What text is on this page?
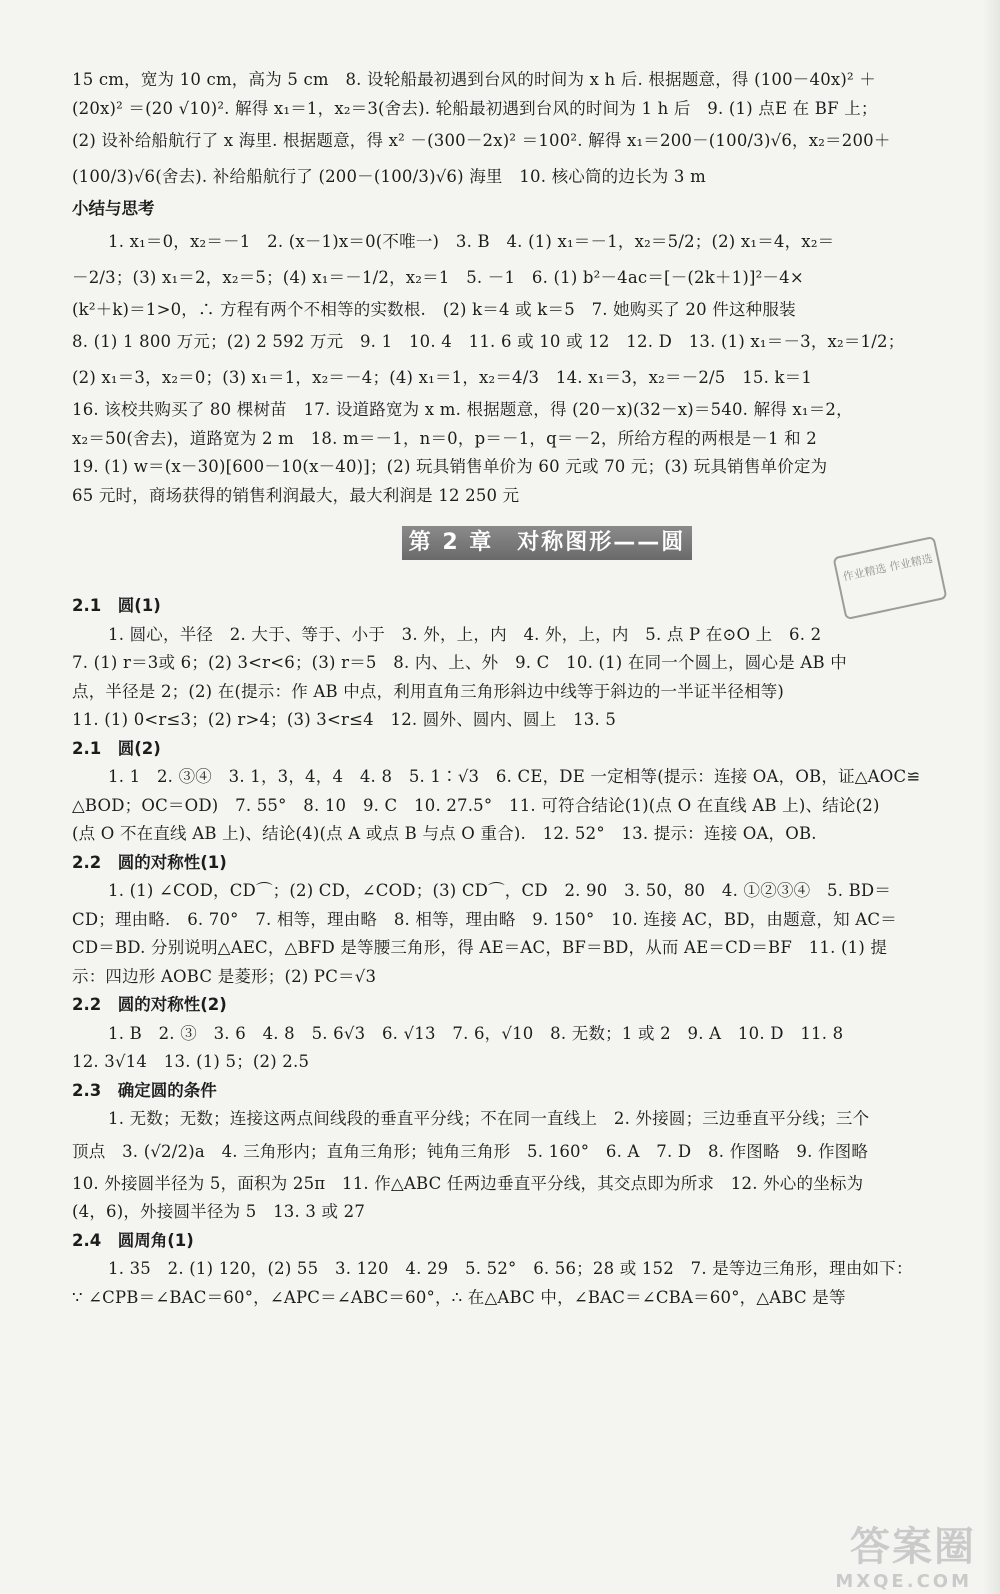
15 cm，宽为 10 cm，高为 5 cm　8. 设轮船最初遇到台风的时间为 x h 后. 根据题意，得 (100－40x)² ＋
(20x)² ＝(20 √10)². 解得 x₁＝1，x₂＝3(舍去). 轮船最初遇到台风的时间为 1 h 后　9. (1) 点E 在 BF 上；
(2) 设补给船航行了 x 海里. 根据题意，得 x² －(300－2x)² ＝100². 解得 x₁＝200－(100/3)√6，x₂＝200＋
(100/3)√6(舍去). 补给船航行了 (200－(100/3)√6) 海里　10. 核心筒的边长为 3 m
小结与思考
1. x₁＝0，x₂＝－1　2. (x－1)x＝0(不唯一)　3. B　4. (1) x₁＝－1，x₂＝5/2；(2) x₁＝4，x₂＝
－2/3；(3) x₁＝2，x₂＝5；(4) x₁＝－1/2，x₂＝1　5. －1　6. (1) b²－4ac＝[－(2k＋1)]²－4×
(k²＋k)＝1>0，∴ 方程有两个不相等的实数根.　(2) k＝4 或 k＝5　7. 她购买了 20 件这种服装
8. (1) 1 800 万元；(2) 2 592 万元　9. 1　10. 4　11. 6 或 10 或 12　12. D　13. (1) x₁＝－3，x₂＝1/2；
(2) x₁＝3，x₂＝0；(3) x₁＝1，x₂＝－4；(4) x₁＝1，x₂＝4/3　14. x₁＝3，x₂＝－2/5　15. k＝1
16. 该校共购买了 80 棵树苗　17. 设道路宽为 x m. 根据题意，得 (20－x)(32－x)＝540. 解得 x₁＝2，
x₂＝50(舍去)，道路宽为 2 m　18. m＝－1，n＝0，p＝－1，q＝－2，所给方程的两根是－1 和 2
19. (1) w＝(x－30)[600－10(x－40)]；(2) 玩具销售单价为 60 元或 70 元；(3) 玩具销售单价定为
65 元时，商场获得的销售利润最大，最大利润是 12 250 元
第 2 章　对称图形——圆
2.1　圆(1)
1. 圆心，半径　2. 大于、等于、小于　3. 外，上，内　4. 外，上，内　5. 点 P 在⊙O 上　6. 2
7. (1) r＝3或 6；(2) 3<r<6；(3) r＝5　8. 内、上、外　9. C　10. (1) 在同一个圆上，圆心是 AB 中
点，半径是 2；(2) 在(提示：作 AB 中点，利用直角三角形斜边中线等于斜边的一半证半径相等)
11. (1) 0<r≤3；(2) r>4；(3) 3<r≤4　12. 圆外、圆内、圆上　13. 5
2.1　圆(2)
1. 1　2. ③④　3. 1，3，4，4　4. 8　5. 1∶√3　6. CE，DE 一定相等(提示：连接 OA，OB，证△AOC≌
△BOD；OC＝OD)　7. 55°　8. 10　9. C　10. 27.5°　11. 可符合结论(1)(点 O 在直线 AB 上)、结论(2)
(点 O 不在直线 AB 上)、结论(4)(点 A 或点 B 与点 O 重合).　12. 52°　13. 提示：连接 OA，OB.
2.2　圆的对称性(1)
1. (1) ∠COD，CD⌒；(2) CD，∠COD；(3) CD⌒，CD　2. 90　3. 50，80　4. ①②③④　5. BD＝
CD；理由略.　6. 70°　7. 相等，理由略　8. 相等，理由略　9. 150°　10. 连接 AC，BD，由题意，知 AC＝
CD＝BD. 分别说明△AEC，△BFD 是等腰三角形，得 AE＝AC，BF＝BD，从而 AE＝CD＝BF　11. (1) 提
示：四边形 AOBC 是菱形；(2) PC＝√3
2.2　圆的对称性(2)
1. B　2. ③　3. 6　4. 8　5. 6√3　6. √13　7. 6，√10　8. 无数；1 或 2　9. A　10. D　11. 8
12. 3√14　13. (1) 5；(2) 2.5
2.3　确定圆的条件
1. 无数；无数；连接这两点间线段的垂直平分线；不在同一直线上　2. 外接圆；三边垂直平分线；三个
顶点　3. (√2/2)a　4. 三角形内；直角三角形；钝角三角形　5. 160°　6. A　7. D　8. 作图略　9. 作图略
10. 外接圆半径为 5，面积为 25π　11. 作△ABC 任两边垂直平分线，其交点即为所求　12. 外心的坐标为
(4，6)，外接圆半径为 5　13. 3 或 27
2.4　圆周角(1)
1. 35　2. (1) 120，(2) 55　3. 120　4. 29　5. 52°　6. 56；28 或 152　7. 是等边三角形，理由如下：
∵ ∠CPB＝∠BAC＝60°，∠APC＝∠ABC＝60°，∴ 在△ABC 中，∠BAC＝∠CBA＝60°，△ABC 是等
作业精选 作业精选
答案圈
MXQE.COM
